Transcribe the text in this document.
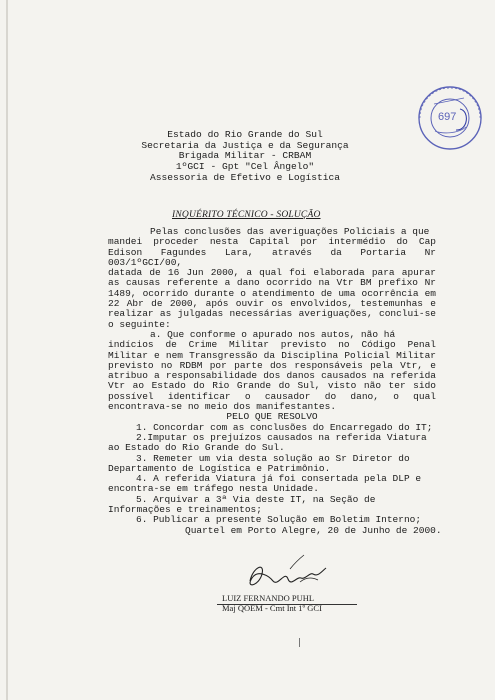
697
Estado do Rio Grande do Sul
Secretaria da Justiça e da Segurança
Brigada Militar - CRBAM
1ºGCI - Gpt "Cel Ângelo"
Assessoria de Efetivo e Logística
INQUÉRITO TÉCNICO - SOLUÇÃO
Pelas conclusões das averiguações Policiais a que
mandei proceder nesta Capital por intermédio do Cap
Edison Fagundes Lara, através da Portaria Nr 003/1ºGCI/00,
datada de 16 Jun 2000, a qual foi elaborada para apurar
as causas referente a dano ocorrido na Vtr BM prefixo Nr
1489, ocorrido durante o atendimento de uma ocorrência em
22 Abr de 2000, após ouvir os envolvidos, testemunhas e
realizar as julgadas necessárias averiguações, conclui-se
o seguinte:
a. Que conforme o apurado nos autos, não há
indícios de Crime Militar previsto no Código Penal
Militar e nem Transgressão da Disciplina Policial Militar
previsto no RDBM por parte dos responsáveis pela Vtr, e
atribuo a responsabilidade dos danos causados na referida
Vtr ao Estado do Rio Grande do Sul, visto não ter sido
possível identificar o causador do dano, o qual
encontrava-se no meio dos manifestantes.
PELO QUE RESOLVO
1. Concordar com as conclusões do Encarregado do IT;
2.Imputar os prejuízos causados na referida Viatura
ao Estado do Rio Grande do Sul.
3. Remeter um via desta solução ao Sr Diretor do
Departamento de Logística e Patrimônio.
4. A referida Viatura já foi consertada pela DLP e
encontra-se em tráfego nesta Unidade.
5. Arquivar a 3ª Via deste IT, na Seção de
Informações e treinamentos;
6. Publicar a presente Solução em Boletim Interno;
Quartel em Porto Alegre, 20 de Junho de 2000.
LUIZ FERNANDO PUHL
Maj QOEM - Cmt Int 1º GCI
